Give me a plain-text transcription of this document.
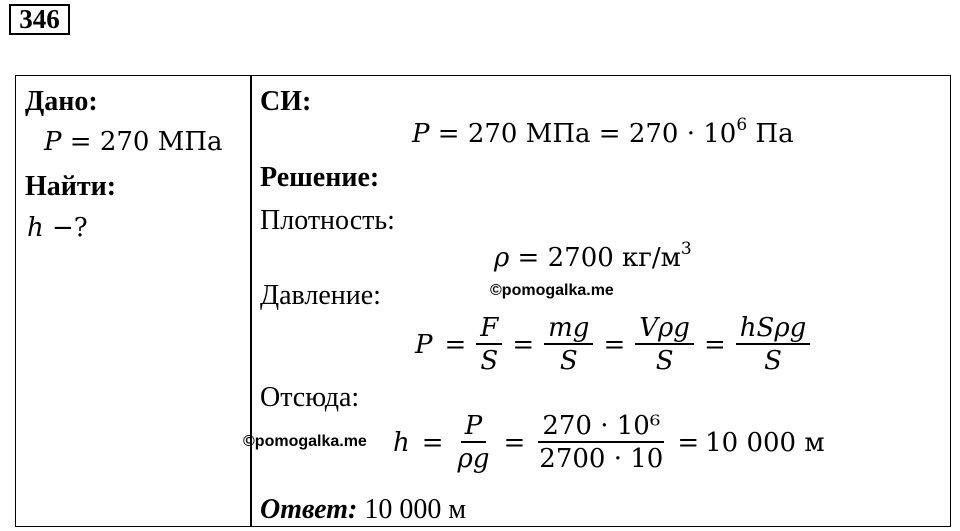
346
Дано:
P = 270 МПа
Найти:
h −?
СИ:
P = 270 МПа = $270 \cdot 10^6$ Па
Решение:
Плотность:
ρ = 2700 $кг/м^3$
Давление:	©pomogalka.me
$P = \frac{F}{S} = \frac{mg}{S} = \frac{\text{Vρg}}{S} = \frac{\text{hSρg}}{S}$
Отсюда:
©pomogalka.me $h = \frac{P}{\rho g} = \frac{\text{270 · 10⁶}}{2700 \cdot 10} = 10$ 000 м
Ответ: 10 000 м
